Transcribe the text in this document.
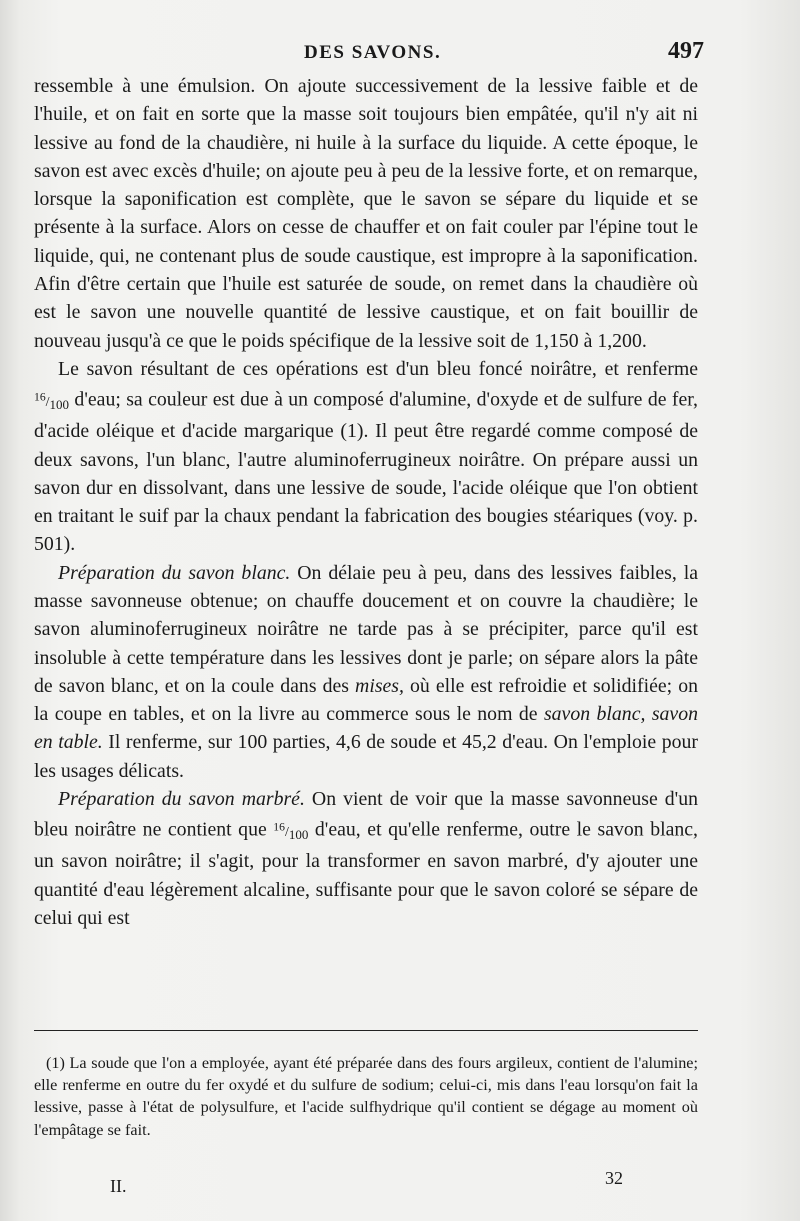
DES SAVONS.	497

ressemble à une émulsion. On ajoute successivement de la lessive faible et de l'huile, et on fait en sorte que la masse soit toujours bien empâtée, qu'il n'y ait ni lessive au fond de la chaudière, ni huile à la surface du liquide. A cette époque, le savon est avec excès d'huile; on ajoute peu à peu de la lessive forte, et on remarque, lorsque la saponification est complète, que le savon se sépare du liquide et se présente à la surface. Alors on cesse de chauffer et on fait couler par l'épine tout le liquide, qui, ne contenant plus de soude caustique, est impropre à la saponification. Afin d'être certain que l'huile est saturée de soude, on remet dans la chaudière où est le savon une nouvelle quantité de lessive caustique, et on fait bouillir de nouveau jusqu'à ce que le poids spécifique de la lessive soit de 1,150 à 1,200.

Le savon résultant de ces opérations est d'un bleu foncé noirâtre, et renferme $^{16}$/100 d'eau; sa couleur est due à un composé d'alumine, d'oxyde et de sulfure de fer, d'acide oléique et d'acide margarique (1). Il peut être regardé comme composé de deux savons, l'un blanc, l'autre aluminoferrugineux noirâtre. On prépare aussi un savon dur en dissolvant, dans une lessive de soude, l'acide oléique que l'on obtient en traitant le suif par la chaux pendant la fabrication des bougies stéariques (voy. p. 501).

Préparation du savon blanc. On délaie peu à peu, dans des lessives faibles, la masse savonneuse obtenue; on chauffe doucement et on couvre la chaudière; le savon aluminoferrugineux noirâtre ne tarde pas à se précipiter, parce qu'il est insoluble à cette température dans les lessives dont je parle; on sépare alors la pâte de savon blanc, et on la coule dans des mises, où elle est refroidie et solidifiée; on la coupe en tables, et on la livre au commerce sous le nom de savon blanc, savon en table. Il renferme, sur 100 parties, 4,6 de soude et 45,2 d'eau. On l'emploie pour les usages délicats.

Préparation du savon marbré. On vient de voir que la masse savonneuse d'un bleu noirâtre ne contient que $^{16}$/100 d'eau, et qu'elle renferme, outre le savon blanc, un savon noirâtre; il s'agit, pour la transformer en savon marbré, d'y ajouter une quantité d'eau légèrement alcaline, suffisante pour que le savon coloré se sépare de celui qui est

(1) La soude que l'on a employée, ayant été préparée dans des fours argileux, contient de l'alumine; elle renferme en outre du fer oxydé et du sulfure de sodium; celui-ci, mis dans l'eau lorsqu'on fait la lessive, passe à l'état de polysulfure, et l'acide sulfhydrique qu'il contient se dégage au moment où l'empâtage se fait.

II.	32
